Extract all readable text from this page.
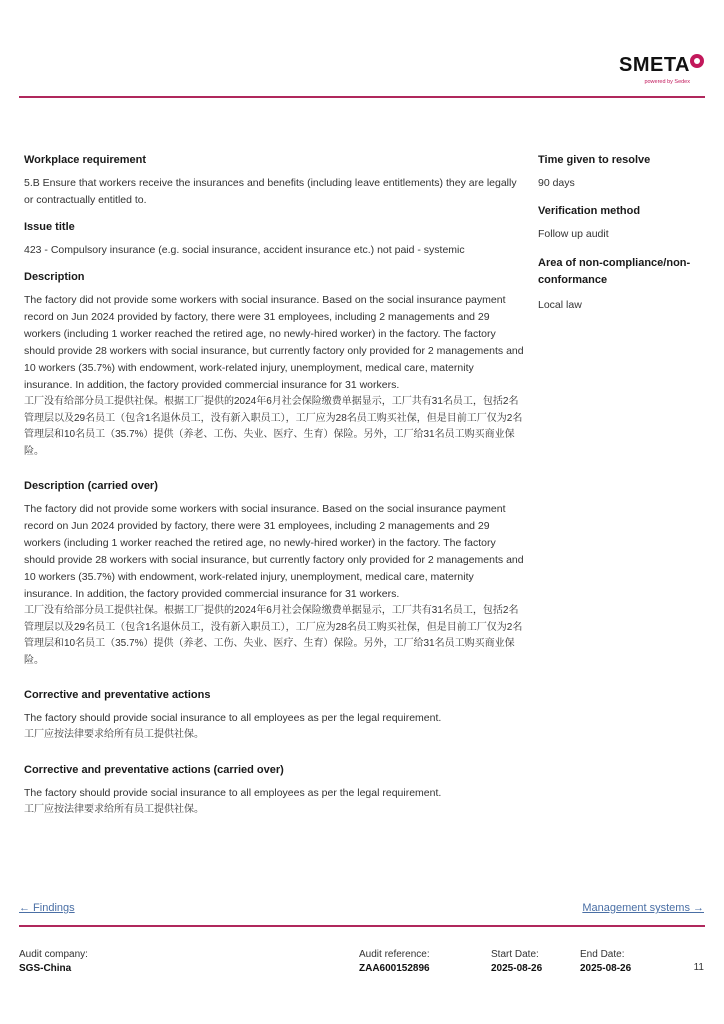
SMETA
powered by Sedex
Workplace requirement

5.B Ensure that workers receive the insurances and benefits (including leave entitlements) they are legally or contractually entitled to.

Issue title

423 - Compulsory insurance (e.g. social insurance, accident insurance etc.) not paid - systemic

Description

The factory did not provide some workers with social insurance. Based on the social insurance payment record on Jun 2024 provided by factory, there were 31 employees, including 2 managements and 29 workers (including 1 worker reached the retired age, no newly-hired worker) in the factory. The factory should provide 28 workers with social insurance, but currently factory only provided for 2 managements and 10 workers (35.7%) with endowment, work-related injury, unemployment, medical care, maternity insurance. In addition, the factory provided commercial insurance for 31 workers.

工厂没有给部分员工提供社保。根据工厂提供的2024年6月社会保险缴费单据显示，工厂共有31名员工，包括2名管理层以及29名员工（包含1名退休员工，没有新入职员工），工厂应为28名员工购买社保，但是目前工厂仅为2名管理层和10名员工（35.7%）提供（养老、工伤、失业、医疗、生育）保险。另外，工厂给31名员工购买商业保险。

Description (carried over)

The factory did not provide some workers with social insurance. Based on the social insurance payment record on Jun 2024 provided by factory, there were 31 employees, including 2 managements and 29 workers (including 1 worker reached the retired age, no newly-hired worker) in the factory. The factory should provide 28 workers with social insurance, but currently factory only provided for 2 managements and 10 workers (35.7%) with endowment, work-related injury, unemployment, medical care, maternity insurance. In addition, the factory provided commercial insurance for 31 workers.

工厂没有给部分员工提供社保。根据工厂提供的2024年6月社会保险缴费单据显示，工厂共有31名员工，包括2名管理层以及29名员工（包含1名退休员工，没有新入职员工），工厂应为28名员工购买社保，但是目前工厂仅为2名管理层和10名员工（35.7%）提供（养老、工伤、失业、医疗、生育）保险。另外，工厂给31名员工购买商业保险。

Corrective and preventative actions

The factory should provide social insurance to all employees as per the legal requirement.

工厂应按法律要求给所有员工提供社保。

Corrective and preventative actions (carried over)

The factory should provide social insurance to all employees as per the legal requirement.

工厂应按法律要求给所有员工提供社保。

Time given to resolve

90 days

Verification method

Follow up audit

Area of non-compliance/non-conformance

Local law

← Findings	Management systems →
Audit company:
SGS-China
Audit reference:
ZAA600152896
Start Date:
2025-08-26
End Date:
2025-08-26	11
